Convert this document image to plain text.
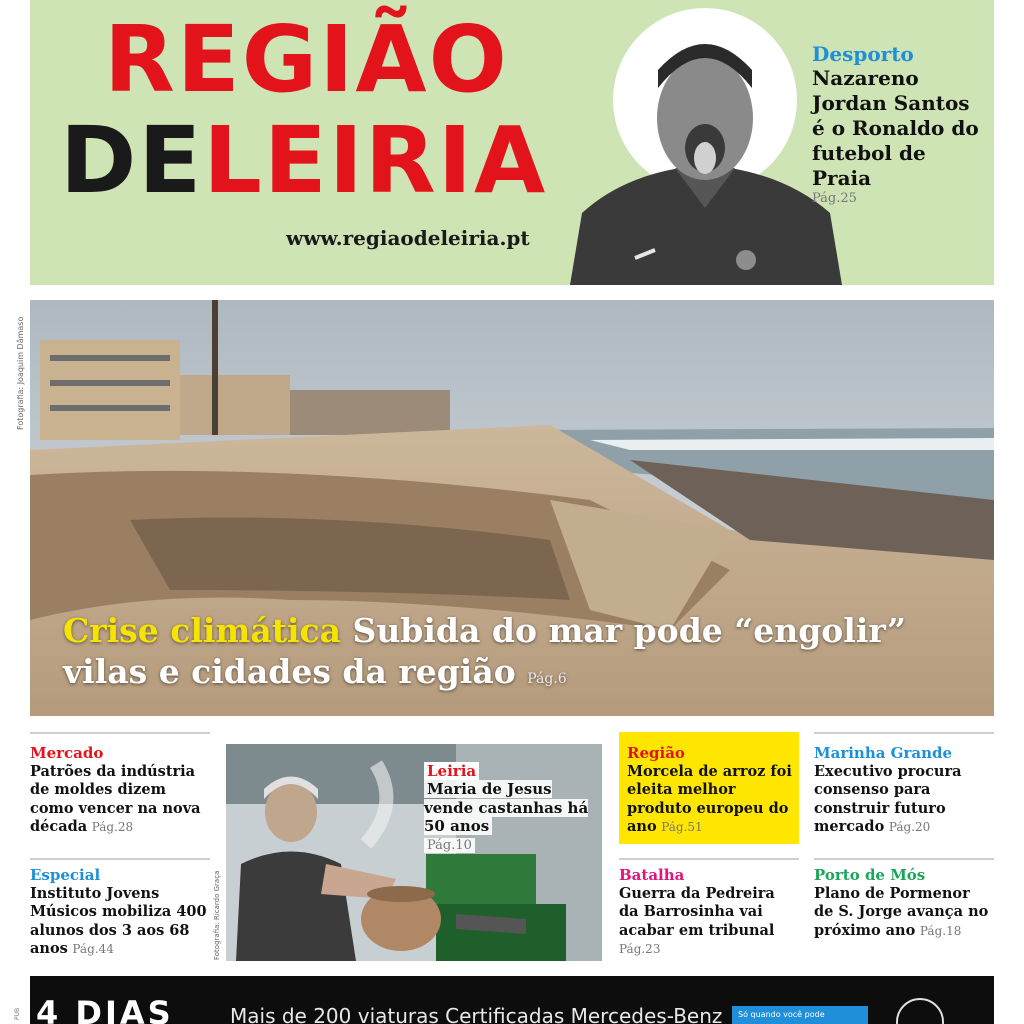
REGIÃO
DELEIRIA
www.regiaodeleiria.pt
Desporto
Nazareno Jordan Santos é o Ronaldo do futebol de Praia
Pág.25
Fotografia: Joaquim Dâmaso
Crise climática Subida do mar pode “engolir”
vilas e cidades da região Pág.6
Mercado
Patrões da indústria de moldes dizem como vencer na nova década Pág.28
Especial
Instituto Jovens Músicos mobiliza 400 alunos dos 3 aos 68 anos Pág.44	Fotografia: Ricardo Graça
Leiria
Maria de Jesus vende castanhas há 50 anos
Pág.10
Região
Morcela de arroz foi eleita melhor produto europeu do ano Pág.51
Batalha
Guerra da Pedreira da Barrosinha vai acabar em tribunal Pág.23
Marinha Grande
Executivo procura consenso para construir futuro mercado Pág.20
Porto de Mós
Plano de Pormenor de S. Jorge avança no próximo ano Pág.18
PUB 4 DIAS	Mais de 200 viaturas Certificadas Mercedes-Benz	Só quando você pode
